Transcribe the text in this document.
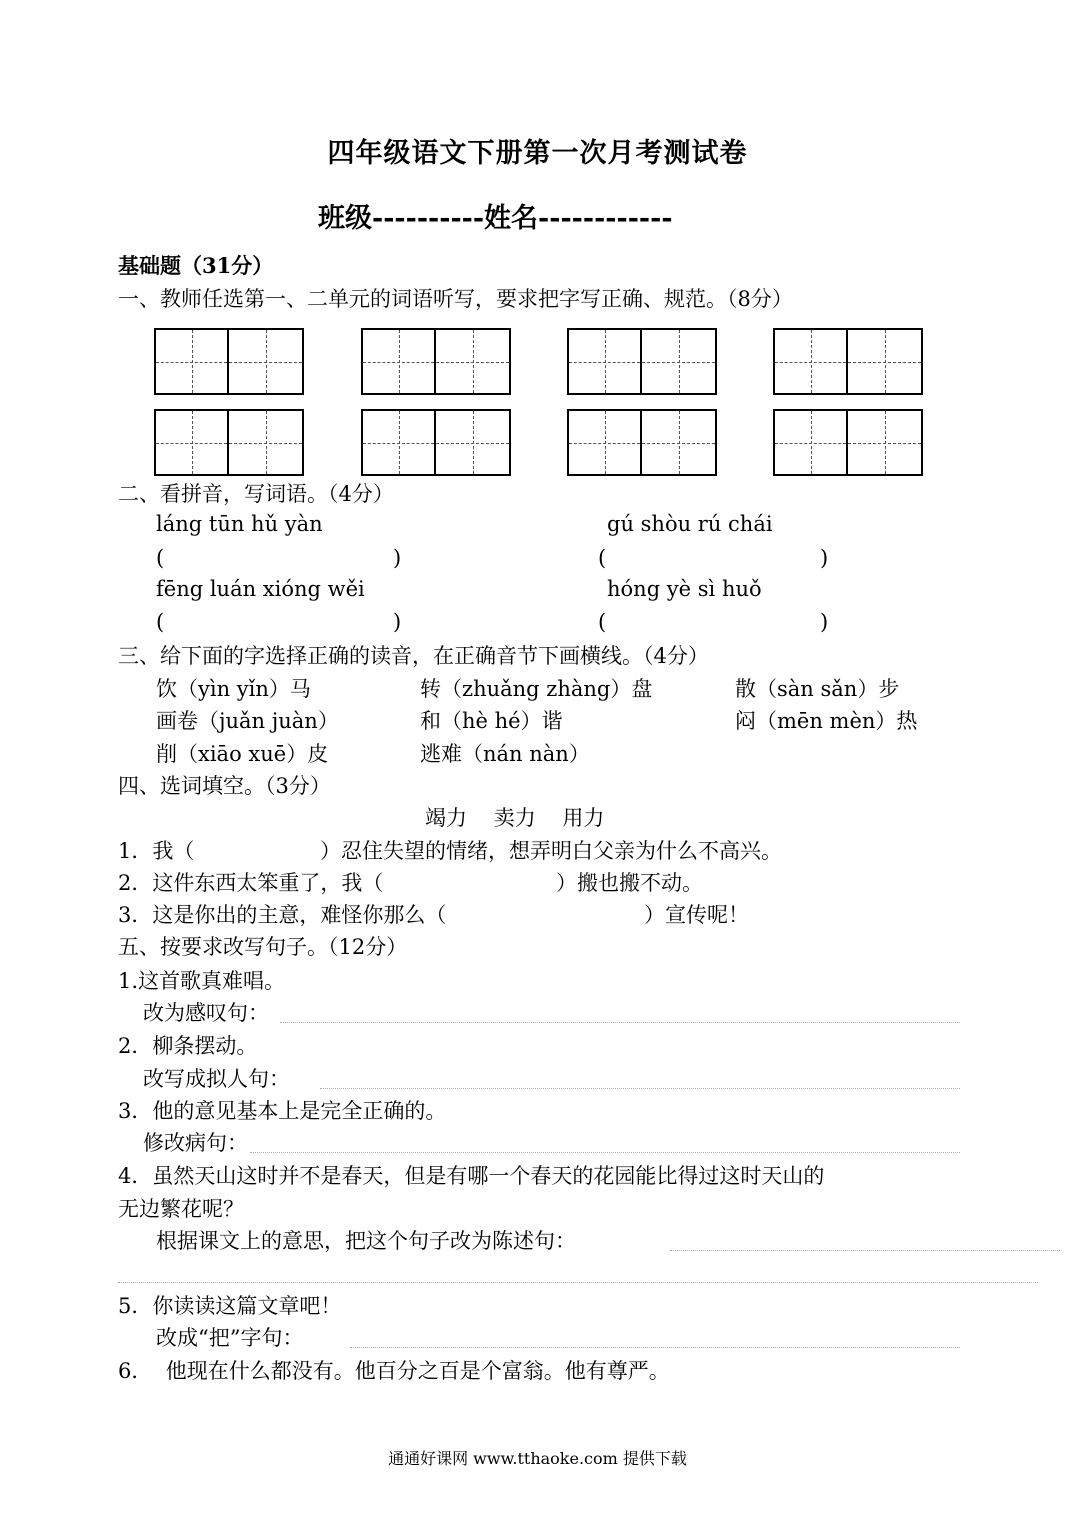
四年级语文下册第一次月考测试卷
班级----------姓名------------
基础题（31分）
一、教师任选第一、二单元的词语听写，要求把字写正确、规范。（8分）
二、看拼音，写词语。（4分）
láng tūn hǔ yàn	gú shòu rú chái
(	)	(	)
fēng luán xióng wěi	hóng yè sì huǒ
(	)	(	)
三、给下面的字选择正确的读音，在正确音节下画横线。（4分）
饮（yìn yǐn）马	转（zhuǎng zhàng）盘	散（sàn sǎn）步
画卷（juǎn juàn）	和（hè hé）谐	闷（mēn mèn）热
削（xiāo xuē）皮	逃难（nán nàn）
四、选词填空。（3分）
竭力    卖力    用力
1．我（	）忍住失望的情绪，想弄明白父亲为什么不高兴。
2．这件东西太笨重了，我（	）搬也搬不动。
3．这是你出的主意，难怪你那么（	）宣传呢！
五、按要求改写句子。（12分）
1.这首歌真难唱。
改为感叹句：
2．柳条摆动。
改写成拟人句：
3．他的意见基本上是完全正确的。
修改病句：
4．虽然天山这时并不是春天，但是有哪一个春天的花园能比得过这时天山的
无边繁花呢？
根据课文上的意思，把这个句子改为陈述句：
5．你读读这篇文章吧！
改成“把”字句：
6．  他现在什么都没有。他百分之百是个富翁。他有尊严。
通通好课网 www.tthaoke.com 提供下载
